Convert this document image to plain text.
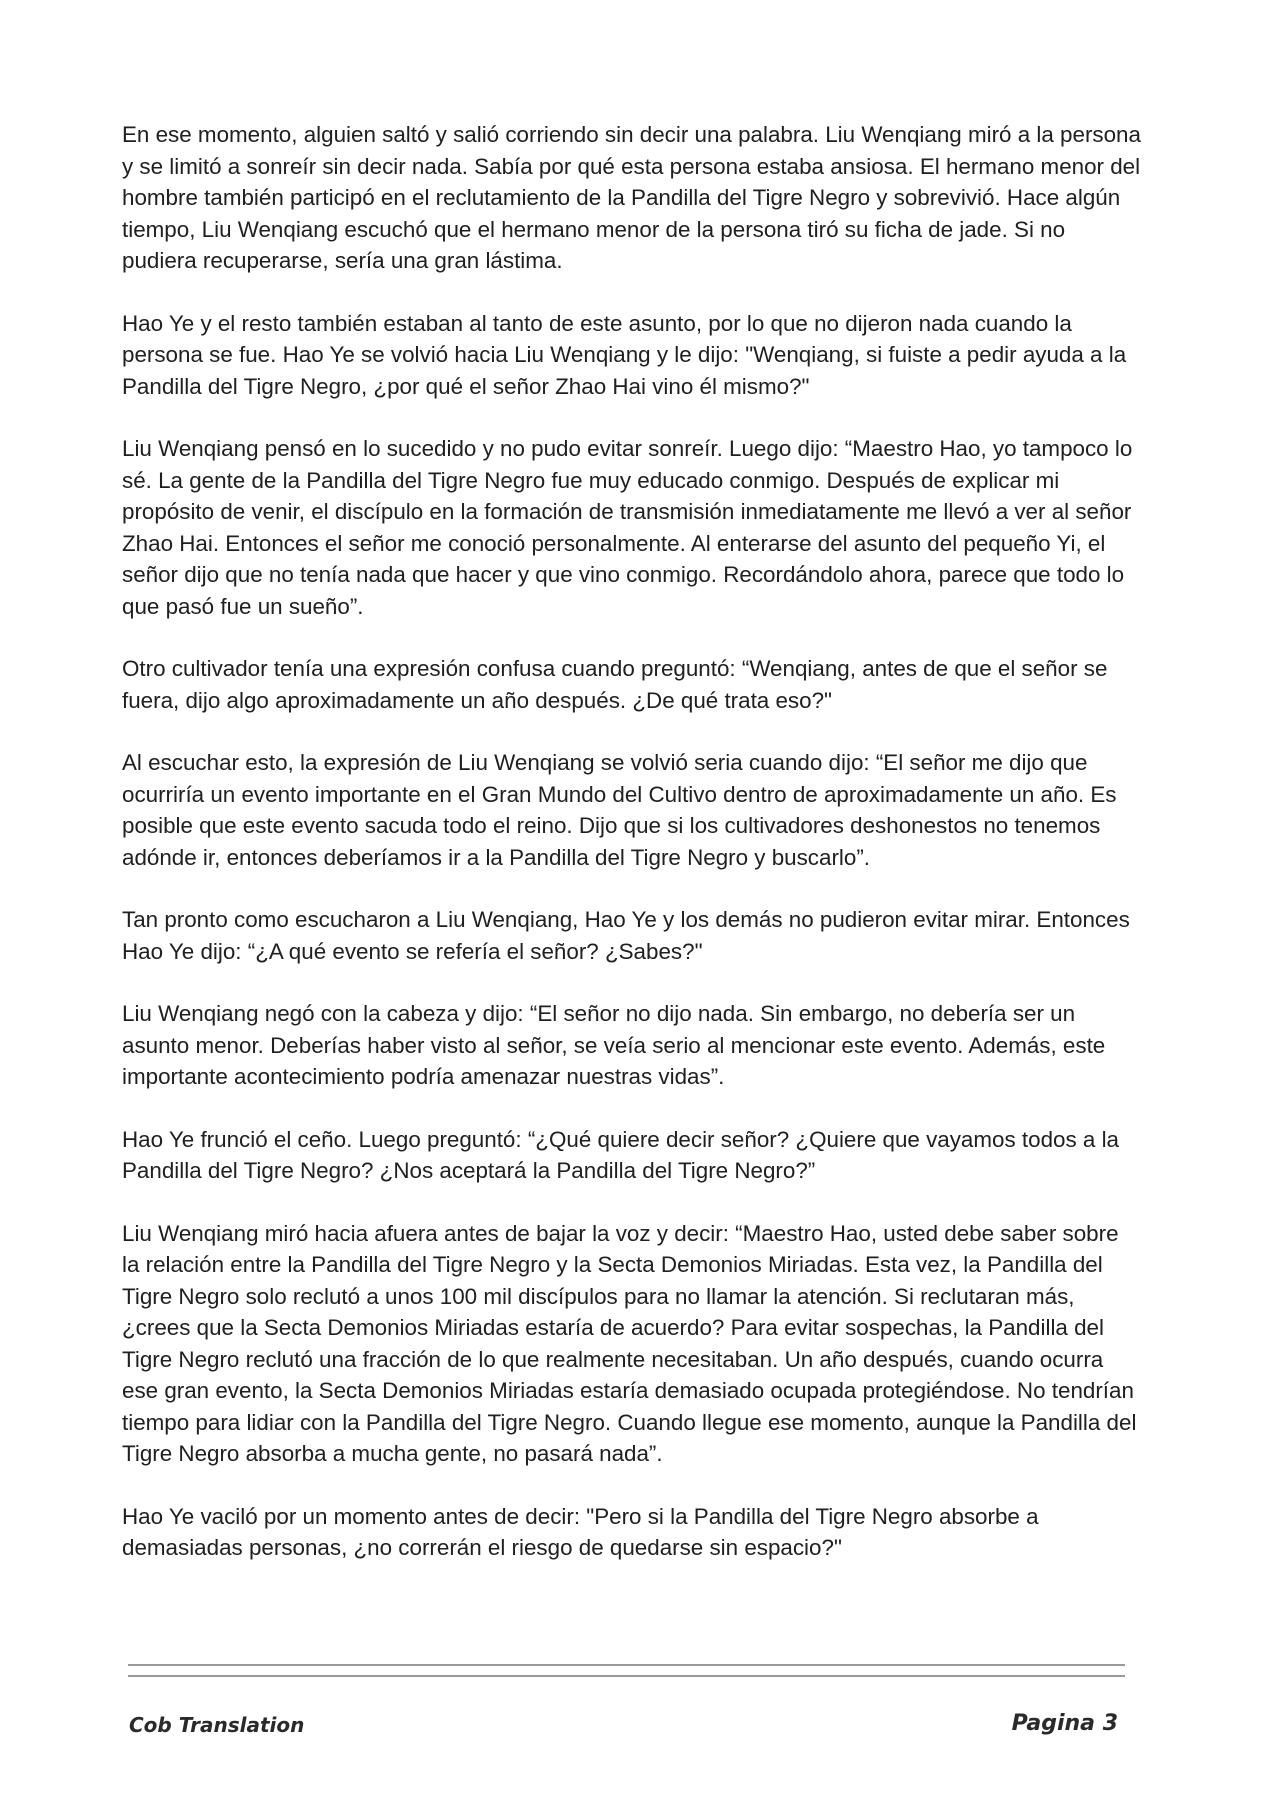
En ese momento, alguien saltó y salió corriendo sin decir una palabra. Liu Wenqiang miró a la persona y se limitó a sonreír sin decir nada. Sabía por qué esta persona estaba ansiosa. El hermano menor del hombre también participó en el reclutamiento de la Pandilla del Tigre Negro y sobrevivió. Hace algún tiempo, Liu Wenqiang escuchó que el hermano menor de la persona tiró su ficha de jade. Si no pudiera recuperarse, sería una gran lástima.

Hao Ye y el resto también estaban al tanto de este asunto, por lo que no dijeron nada cuando la persona se fue. Hao Ye se volvió hacia Liu Wenqiang y le dijo: "Wenqiang, si fuiste a pedir ayuda a la Pandilla del Tigre Negro, ¿por qué el señor Zhao Hai vino él mismo?"

Liu Wenqiang pensó en lo sucedido y no pudo evitar sonreír. Luego dijo: “Maestro Hao, yo tampoco lo sé. La gente de la Pandilla del Tigre Negro fue muy educado conmigo. Después de explicar mi propósito de venir, el discípulo en la formación de transmisión inmediatamente me llevó a ver al señor Zhao Hai. Entonces el señor me conoció personalmente. Al enterarse del asunto del pequeño Yi, el señor dijo que no tenía nada que hacer y que vino conmigo. Recordándolo ahora, parece que todo lo que pasó fue un sueño”.

Otro cultivador tenía una expresión confusa cuando preguntó: “Wenqiang, antes de que el señor se fuera, dijo algo aproximadamente un año después. ¿De qué trata eso?"

Al escuchar esto, la expresión de Liu Wenqiang se volvió seria cuando dijo: “El señor me dijo que ocurriría un evento importante en el Gran Mundo del Cultivo dentro de aproximadamente un año. Es posible que este evento sacuda todo el reino. Dijo que si los cultivadores deshonestos no tenemos adónde ir, entonces deberíamos ir a la Pandilla del Tigre Negro y buscarlo”.

Tan pronto como escucharon a Liu Wenqiang, Hao Ye y los demás no pudieron evitar mirar. Entonces Hao Ye dijo: “¿A qué evento se refería el señor? ¿Sabes?"

Liu Wenqiang negó con la cabeza y dijo: “El señor no dijo nada. Sin embargo, no debería ser un asunto menor. Deberías haber visto al señor, se veía serio al mencionar este evento. Además, este importante acontecimiento podría amenazar nuestras vidas”.

Hao Ye frunció el ceño. Luego preguntó: “¿Qué quiere decir señor? ¿Quiere que vayamos todos a la Pandilla del Tigre Negro? ¿Nos aceptará la Pandilla del Tigre Negro?”

Liu Wenqiang miró hacia afuera antes de bajar la voz y decir: “Maestro Hao, usted debe saber sobre la relación entre la Pandilla del Tigre Negro y la Secta Demonios Miriadas. Esta vez, la Pandilla del Tigre Negro solo reclutó a unos 100 mil discípulos para no llamar la atención. Si reclutaran más, ¿crees que la Secta Demonios Miriadas estaría de acuerdo? Para evitar sospechas, la Pandilla del Tigre Negro reclutó una fracción de lo que realmente necesitaban. Un año después, cuando ocurra ese gran evento, la Secta Demonios Miriadas estaría demasiado ocupada protegiéndose. No tendrían tiempo para lidiar con la Pandilla del Tigre Negro. Cuando llegue ese momento, aunque la Pandilla del Tigre Negro absorba a mucha gente, no pasará nada”.

Hao Ye vaciló por un momento antes de decir: "Pero si la Pandilla del Tigre Negro absorbe a demasiadas personas, ¿no correrán el riesgo de quedarse sin espacio?"

Cob Translation	Pagina 3
